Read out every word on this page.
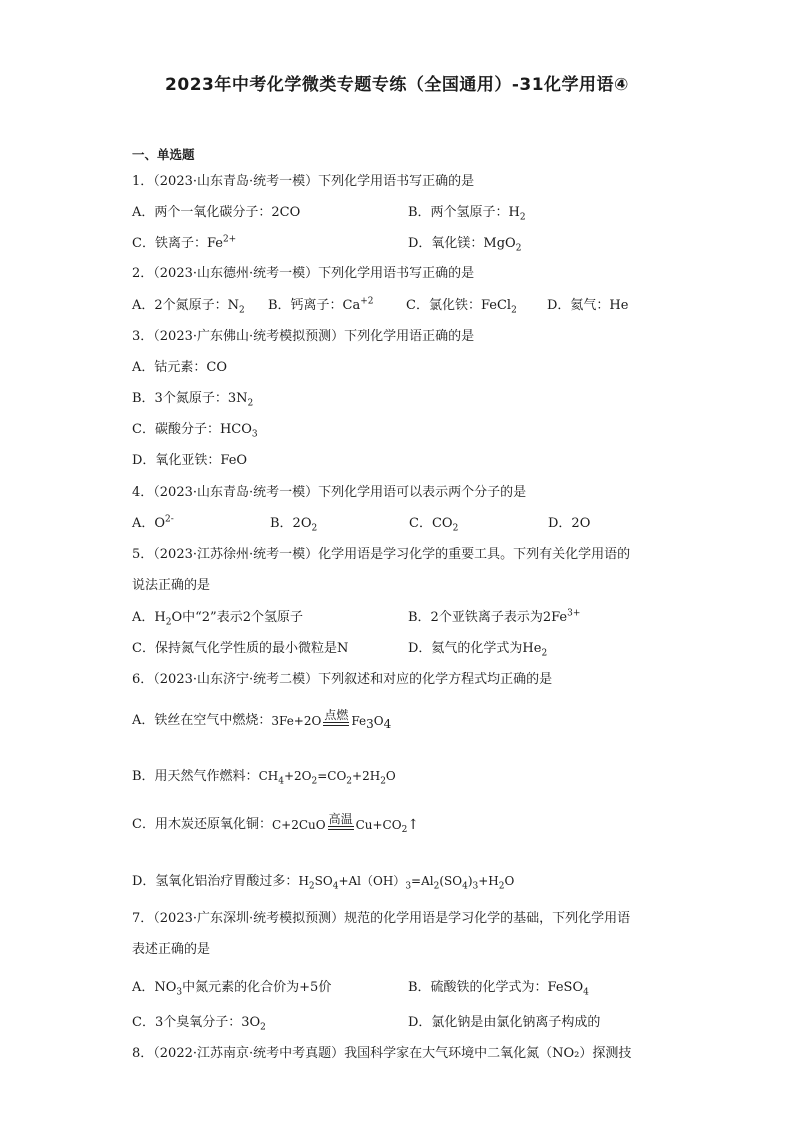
2023年中考化学微类专题专练（全国通用）-31化学用语④
一、单选题
1．（2023·山东青岛·统考一模）下列化学用语书写正确的是
A．两个一氧化碳分子：2CO	B．两个氢原子：$H_2$
C．铁离子：$Fe^{2+}$	D．氧化镁：MgO$_2$
2．（2023·山东德州·统考一模）下列化学用语书写正确的是
A．2个氮原子：$N_2$ B．钙离子：$Ca^{+2}$ C．氯化铁：FeCl$_2$ D．氦气：He
3．（2023·广东佛山·统考模拟预测）下列化学用语正确的是
A．钴元素：CO
B．3个氮原子：$3N_2$
C．碳酸分子：$HCO_3$
D．氧化亚铁：FeO
4．（2023·山东青岛·统考一模）下列化学用语可以表示两个分子的是
A．$O^{2-}$	B．$2O_2$	C．$CO_2$	D．2O
5．（2023·江苏徐州·统考一模）化学用语是学习化学的重要工具。下列有关化学用语的
说法正确的是
A．$H_2O$中“2”表示2个氢原子	B．2个亚铁离子表示为$2Fe^{3+}$
C．保持氮气化学性质的最小微粒是N	D．氦气的化学式为$He_2$
6．（2023·山东济宁·统考二模）下列叙述和对应的化学方程式均正确的是
A．铁丝在空气中燃烧：3Fe+2O 点燃 $Fe_3O_4$
B．用天然气作燃料：$CH_4+2O_2=CO_2+2H_2O$
C．用木炭还原氧化铜：C+2CuO 高温 $Cu+CO_2↑$
D．氢氧化铝治疗胃酸过多：$H_2SO_4+Al(OH)_3=Al_2(SO_4)_3+H_2O$
7．（2023·广东深圳·统考模拟预测）规范的化学用语是学习化学的基础，下列化学用语
表述正确的是
A．$NO_3$中氮元素的化合价为+5价	B．硫酸铁的化学式为：FeSO$_4$
C．3个臭氧分子：$3O_2$	D．氯化钠是由氯化钠离子构成的
8．（2022·江苏南京·统考中考真题）我国科学家在大气环境中二氧化氮（NO₂）探测技
